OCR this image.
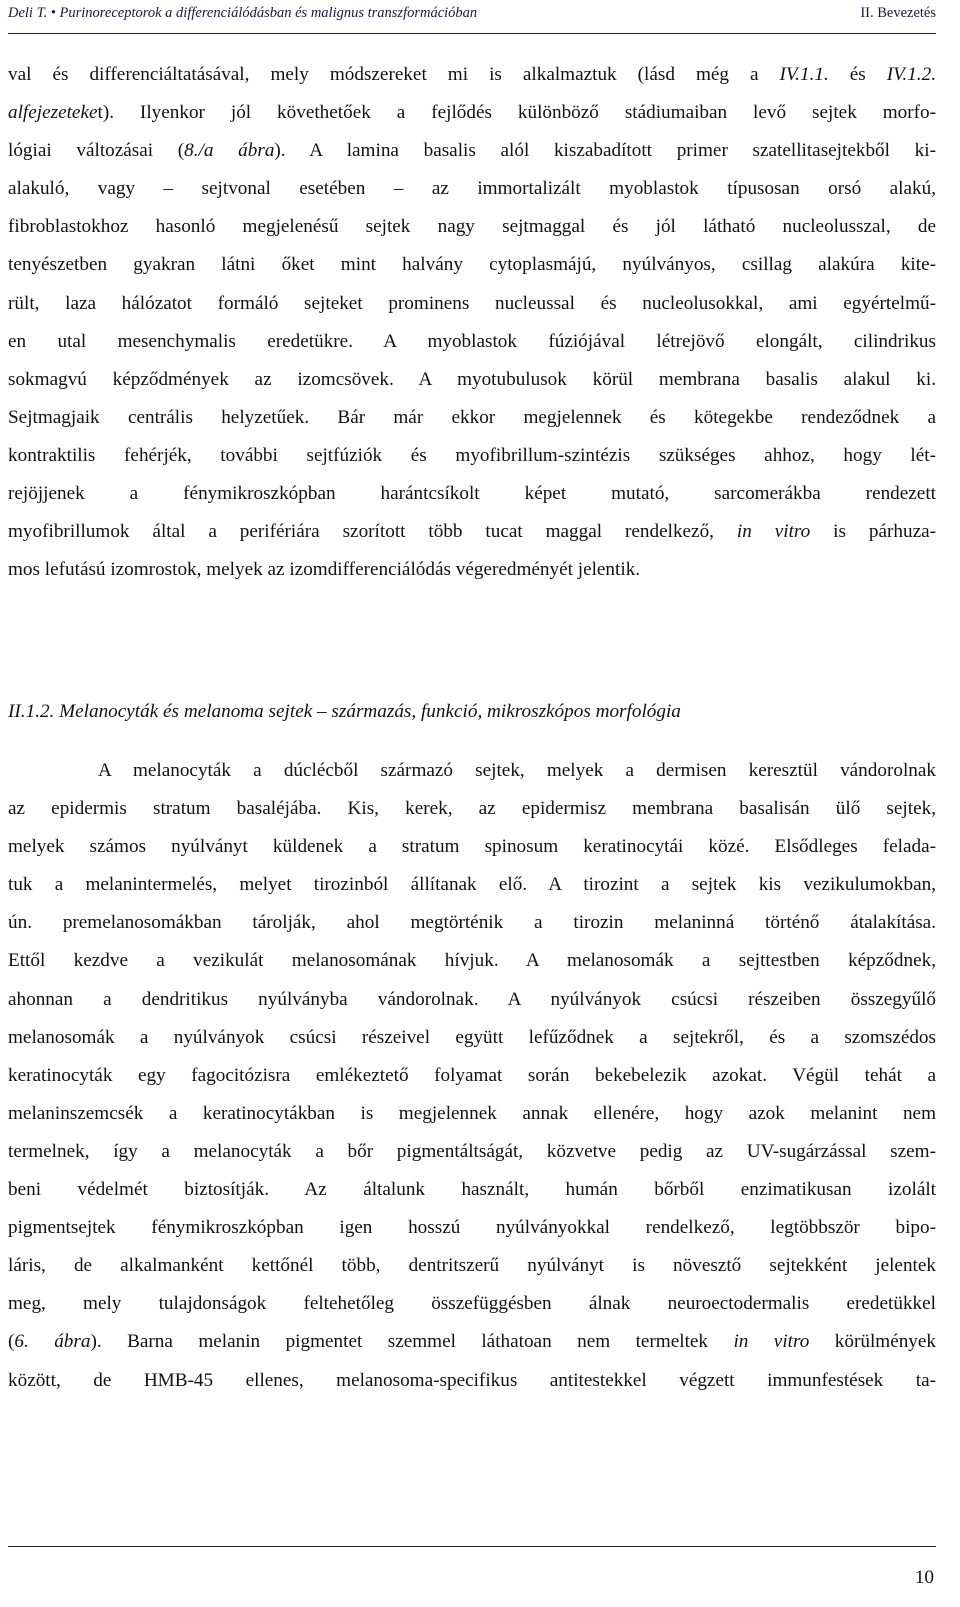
Deli T. • Purinoreceptorok a differenciálódásban és malignus transzformációban	II. Bevezetés

val és differenciáltatásával, mely módszereket mi is alkalmaztuk (lásd még a IV.1.1. és IV.1.2.
alfejezeteket). Ilyenkor jól követhetőek a fejlődés különböző stádiumaiban levő sejtek morfo-
lógiai változásai (8./a ábra). A lamina basalis alól kiszabadított primer szatellitasejtekből ki-
alakuló, vagy – sejtvonal esetében – az immortalizált myoblastok típusosan orsó alakú,
fibroblastokhoz hasonló megjelenésű sejtek nagy sejtmaggal és jól látható nucleolusszal, de
tenyészetben gyakran látni őket mint halvány cytoplasmájú, nyúlványos, csillag alakúra kite-
rült, laza hálózatot formáló sejteket prominens nucleussal és nucleolusokkal, ami egyértelmű-
en utal mesenchymalis eredetükre. A myoblastok fúziójával létrejövő elongált, cilindrikus
sokmagvú képződmények az izomcsövek. A myotubulusok körül membrana basalis alakul ki.
Sejtmagjaik centrális helyzetűek. Bár már ekkor megjelennek és kötegekbe rendeződnek a
kontraktilis fehérjék, további sejtfúziók és myofibrillum-szintézis szükséges ahhoz, hogy lét-
rejöjjenek a fénymikroszkópban harántcsíkolt képet mutató, sarcomerákba rendezett
myofibrillumok által a perifériára szorított több tucat maggal rendelkező, in vitro is párhuza-
mos lefutású izomrostok, melyek az izomdifferenciálódás végeredményét jelentik.

II.1.2. Melanocyták és melanoma sejtek – származás, funkció, mikroszkópos morfológia

A melanocyták a dúclécből származó sejtek, melyek a dermisen keresztül vándorolnak
az epidermis stratum basaléjába. Kis, kerek, az epidermisz membrana basalisán ülő sejtek,
melyek számos nyúlványt küldenek a stratum spinosum keratinocytái közé. Elsődleges felada-
tuk a melanintermelés, melyet tirozinból állítanak elő. A tirozint a sejtek kis vezikulumokban,
ún. premelanosomákban tárolják, ahol megtörténik a tirozin melaninná történő átalakítása.
Ettől kezdve a vezikulát melanosomának hívjuk. A melanosomák a sejttestben képződnek,
ahonnan a dendritikus nyúlványba vándorolnak. A nyúlványok csúcsi részeiben összegyűlő
melanosomák a nyúlványok csúcsi részeivel együtt lefűződnek a sejtekről, és a szomszédos
keratinocyták egy fagocitózisra emlékeztető folyamat során bekebelezik azokat. Végül tehát a
melaninszemcsék a keratinocytákban is megjelennek annak ellenére, hogy azok melanint nem
termelnek, így a melanocyták a bőr pigmentáltságát, közvetve pedig az UV-sugárzással szem-
beni védelmét biztosítják. Az általunk használt, humán bőrből enzimatikusan izolált
pigmentsejtek fénymikroszkópban igen hosszú nyúlványokkal rendelkező, legtöbbször bipo-
láris, de alkalmanként kettőnél több, dentritszerű nyúlványt is növesztő sejtekként jelentek
meg, mely tulajdonságok feltehetőleg összefüggésben álnak neuroectodermalis eredetükkel
(6. ábra). Barna melanin pigmentet szemmel láthatoan nem termeltek in vitro körülmények
között, de HMB-45 ellenes, melanosoma-specifikus antitestekkel végzett immunfestések ta-

10
